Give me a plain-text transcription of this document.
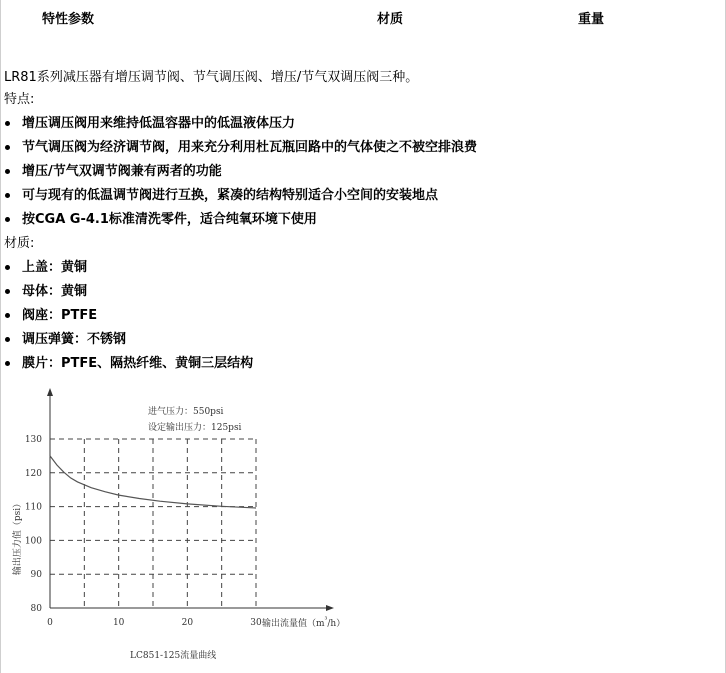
特性参数	材质	重量
LR81系列减压器有增压调节阀、节气调压阀、增压/节气双调压阀三种。
特点:
增压调压阀用来维持低温容器中的低温液体压力
节气调压阀为经济调节阀，用来充分利用杜瓦瓶回路中的气体使之不被空排浪费
增压/节气双调节阀兼有两者的功能
可与现有的低温调节阀进行互换，紧凑的结构特别适合小空间的安装地点
按CGA G-4.1标准清洗零件，适合纯氧环境下使用
材质:
上盖：黄铜
母体：黄铜
阀座：PTFE
调压弹簧：不锈钢
膜片：PTFE、隔热纤维、黄铜三层结构
130
120
110
100
90
80
0	10	20	30
进气压力：550psi
设定输出压力：125psi
输出压力值（psi）
输出流量值$(m^{^3}/h)$
LC851-125流量曲线
